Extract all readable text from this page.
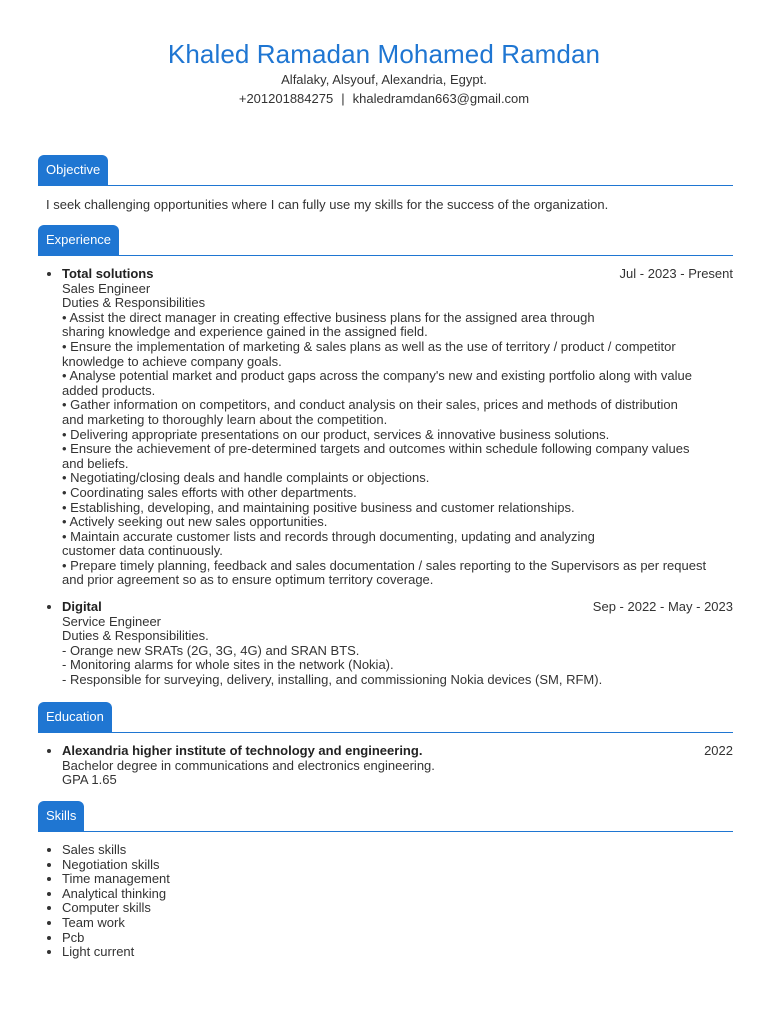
Khaled Ramadan Mohamed Ramdan
Alfalaky, Alsyouf, Alexandria, Egypt.
+201201884275 | khaledramdan663@gmail.com
Objective
I seek challenging opportunities where I can fully use my skills for the success of the organization.
Experience
Total solutions	Jul - 2023 - Present
Sales Engineer
Duties & Responsibilities
• Assist the direct manager in creating effective business plans for the assigned area through
sharing knowledge and experience gained in the assigned field.
• Ensure the implementation of marketing & sales plans as well as the use of territory / product / competitor
knowledge to achieve company goals.
• Analyse potential market and product gaps across the company's new and existing portfolio along with value
added products.
• Gather information on competitors, and conduct analysis on their sales, prices and methods of distribution
and marketing to thoroughly learn about the competition.
• Delivering appropriate presentations on our product, services & innovative business solutions.
• Ensure the achievement of pre-determined targets and outcomes within schedule following company values
and beliefs.
• Negotiating/closing deals and handle complaints or objections.
• Coordinating sales efforts with other departments.
• Establishing, developing, and maintaining positive business and customer relationships.
• Actively seeking out new sales opportunities.
• Maintain accurate customer lists and records through documenting, updating and analyzing
customer data continuously.
• Prepare timely planning, feedback and sales documentation / sales reporting to the Supervisors as per request
and prior agreement so as to ensure optimum territory coverage.
Digital	Sep - 2022 - May - 2023
Service Engineer
Duties & Responsibilities.
- Orange new SRATs (2G, 3G, 4G) and SRAN BTS.
- Monitoring alarms for whole sites in the network (Nokia).
- Responsible for surveying, delivery, installing, and commissioning Nokia devices (SM, RFM).
Education
Alexandria higher institute of technology and engineering.	2022
Bachelor degree in communications and electronics engineering.
GPA 1.65
Skills
Sales skills
Negotiation skills
Time management
Analytical thinking
Computer skills
Team work
Pcb
Light current
